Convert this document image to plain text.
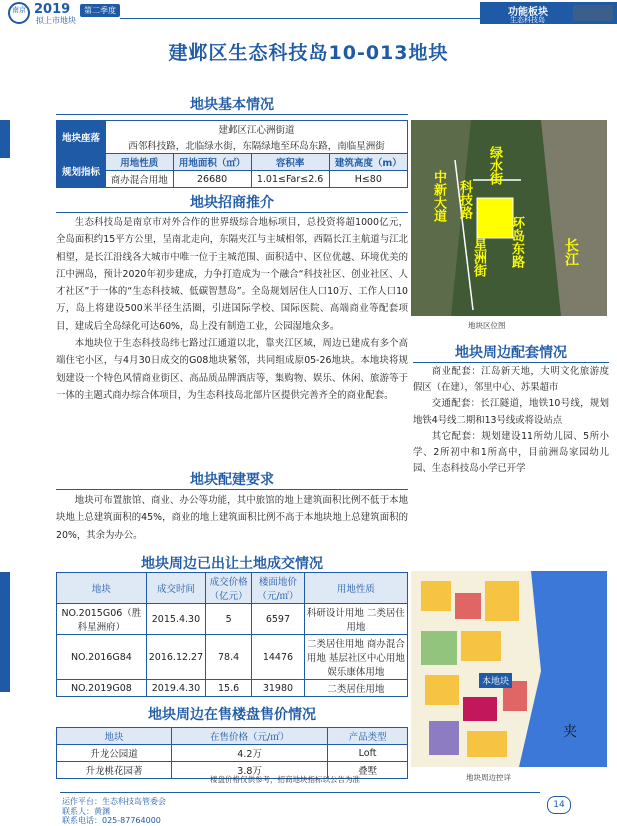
南京 2019	第二季度
拟上市地块
功能板块
生态科技岛
建邺区生态科技岛10-013地块
地块基本情况
地块座落	建邺区江心洲街道			
	西邻科技路，北临绿水街，东隔绿地至环岛东路，南临星洲街			
规划指标	用地性质	用地面积（㎡）	容积率	建筑高度（m）
	商办混合用地	26680	1.01≤Far≤2.6	H≤80
地块招商推介

生态科技岛是南京市对外合作的世界级综合地标项目，总投资将超1000亿元，全岛面积约15平方公里，呈南北走向，东隔夹江与主城相邻，西隔长江主航道与江北相望，是长江沿线各大城市中唯一位于主城范围、面积适中、区位优越、环境优美的江中洲岛，预计2020年初步建成，力争打造成为一个融合“科技社区、创业社区、人才社区”于一体的“生态科技城、低碳智慧岛”。全岛规划居住人口10万、工作人口10万，岛上将建设500米半径生活圈，引进国际学校、国际医院、高端商业等配套项目，建成后全岛绿化可达60%，岛上没有制造工业，公园湿地众多。

本地块位于生态科技岛纬七路过江通道以北，靠夹江区域，周边已建成有多个高端住宅小区，与4月30日成交的G08地块紧邻，共同组成原05-26地块。本地块将规划建设一个特色风情商业街区、高品质品牌酒店等，集购物、娱乐、休闲、旅游等于一体的主题式商办综合体项目，为生态科技岛北部片区提供完善齐全的商业配套。

地块配建要求

地块可布置旅馆、商业、办公等功能，其中旅馆的地上建筑面积比例不低于本地块地上总建筑面积的45%，商业的地上建筑面积比例不高于本地块地上总建筑面积的20%，其余为办公。

地块周边已出让土地成交情况
地块	成交时间	成交价格（亿元）	楼面地价（元/㎡）	用地性质
NO.2015G06（胜科星洲府）	2015.4.30	5	6597	科研设计用地 二类居住用地
NO.2016G84	2016.12.27	78.4	14476	二类居住用地 商办混合用地 基层社区中心用地 娱乐康体用地
NO.2019G08	2019.4.30	15.6	31980	二类居住用地
地块周边在售楼盘售价情况
地块	在售价格（元/㎡）	产品类型
升龙公园道	4.2万	Loft
升龙桃花园著	3.8万	叠墅
楼盘价格仅供参考，招商地块指标以公告为准
中新大道 科技路
星洲街
绿水街
环岛东路	长江
地块区位图
地块周边配套情况

商业配套：江岛新天地，大明文化旅游度假区（在建），邻里中心、苏果超市

交通配套：长江隧道，地铁10号线，规划地铁4号线二期和13号线或将设站点

其它配套：规划建设11所幼儿园、5所小学、2所初中和1所高中，目前洲岛家园幼儿园、生态科技岛小学已开学

本地块
夹
地块周边控详
运作平台：生态科技岛管委会
联系人：黄渊
联系电话：025-87764000
14
